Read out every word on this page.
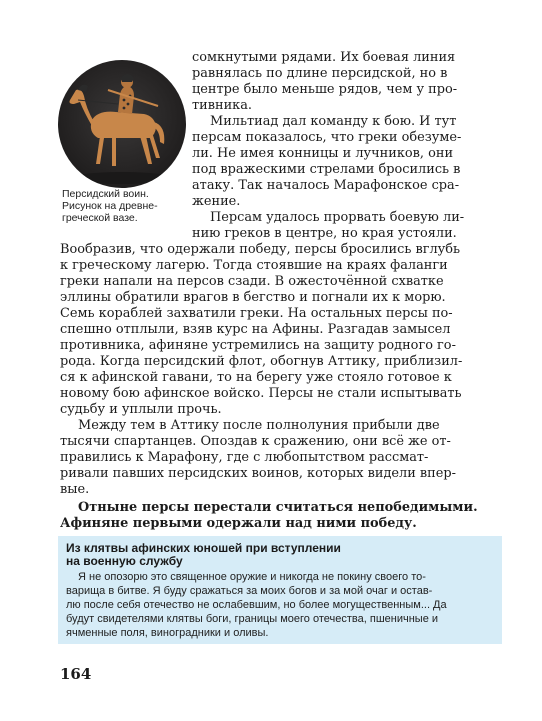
Персидский воин.
Рисунок на древне-
греческой вазе.
сомкнутыми рядами. Их боевая линия
равнялась по длине персидской, но в
центре было меньше рядов, чем у про-
тивника.
Мильтиад дал команду к бою. И тут
персам показалось, что греки обезуме-
ли. Не имея конницы и лучников, они
под вражескими стрелами бросились в
атаку. Так началось Марафонское сра-
жение.
Персам удалось прорвать боевую ли-
нию греков в центре, но края устояли.
Вообразив, что одержали победу, персы бросились вглубь
к греческому лагерю. Тогда стоявшие на краях фаланги
греки напали на персов сзади. В ожесточённой схватке
эллины обратили врагов в бегство и погнали их к морю.
Семь кораблей захватили греки. На остальных персы по-
спешно отплыли, взяв курс на Афины. Разгадав замысел
противника, афиняне устремились на защиту родного го-
рода. Когда персидский флот, обогнув Аттику, приблизил-
ся к афинской гавани, то на берегу уже стояло готовое к
новому бою афинское войско. Персы не стали испытывать
судьбу и уплыли прочь.
Между тем в Аттику после полнолуния прибыли две
тысячи спартанцев. Опоздав к сражению, они всё же от-
правились к Марафону, где с любопытством рассмат-
ривали павших персидских воинов, которых видели впер-
вые.
Отныне персы перестали считаться непобедимыми.
Афиняне первыми одержали над ними победу.
Из клятвы афинских юношей при вступлении
на военную службу
Я не опозорю это священное оружие и никогда не покину своего то-
варища в битве. Я буду сражаться за моих богов и за мой очаг и остав-
лю после себя отечество не ослабевшим, но более могущественным... Да
будут свидетелями клятвы боги, границы моего отечества, пшеничные и
ячменные поля, виноградники и оливы.
164
